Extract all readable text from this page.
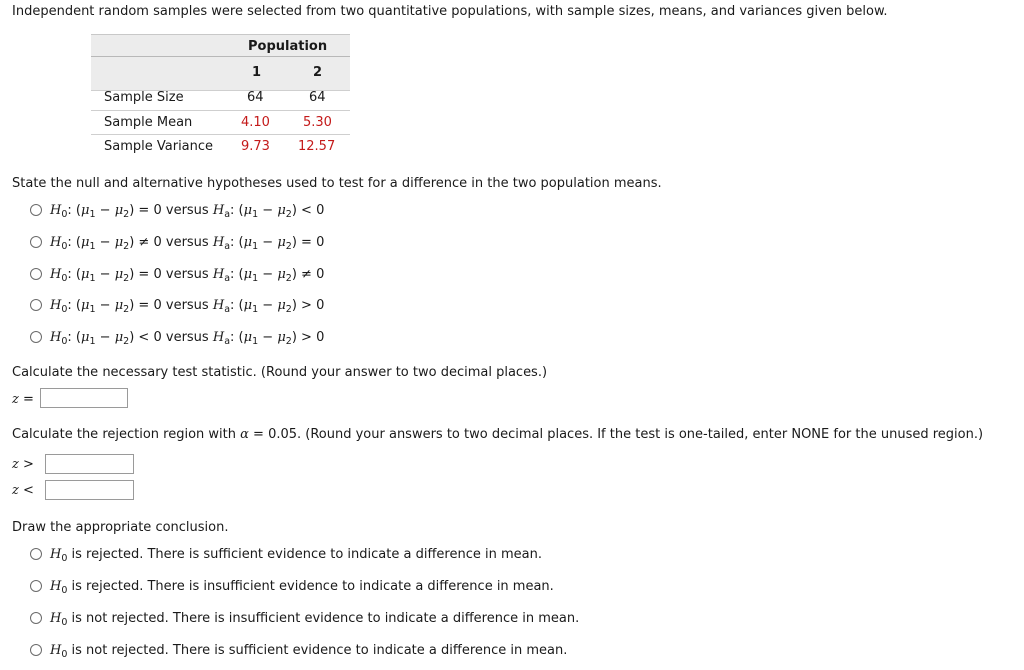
Independent random samples were selected from two quantitative populations, with sample sizes, means, and variances given below.
Population
1	2
Sample Size	64	64
Sample Mean	4.10	5.30
Sample Variance 9.73 12.57
State the null and alternative hypotheses used to test for a difference in the two population means.
$H_0$: $(\mu_1 - \mu_2) = 0$ versus $H_a$: $(\mu_1 - \mu_2) < 0$
$H_0$: $(\mu_1 - \mu_2) \ne 0$ versus $H_a$: $(\mu_1 - \mu_2) = 0$
$H_0$: $(\mu_1 - \mu_2) = 0$ versus $H_a$: $(\mu_1 - \mu_2) \ne 0$
$H_0$: $(\mu_1 - \mu_2) = 0$ versus $H_a$: $(\mu_1 - \mu_2) > 0$
$H_0$: $(\mu_1 - \mu_2) < 0$ versus $H_a$: $(\mu_1 - \mu_2) > 0$
Calculate the necessary test statistic. (Round your answer to two decimal places.)
z =
Calculate the rejection region with α = 0.05. (Round your answers to two decimal places. If the test is one-tailed, enter NONE for the unused region.)
z >
z <
Draw the appropriate conclusion.
$H_0$ is rejected. There is sufficient evidence to indicate a difference in mean.
$H_0$ is rejected. There is insufficient evidence to indicate a difference in mean.
$H_0$ is not rejected. There is insufficient evidence to indicate a difference in mean.
$H_0$ is not rejected. There is sufficient evidence to indicate a difference in mean.
